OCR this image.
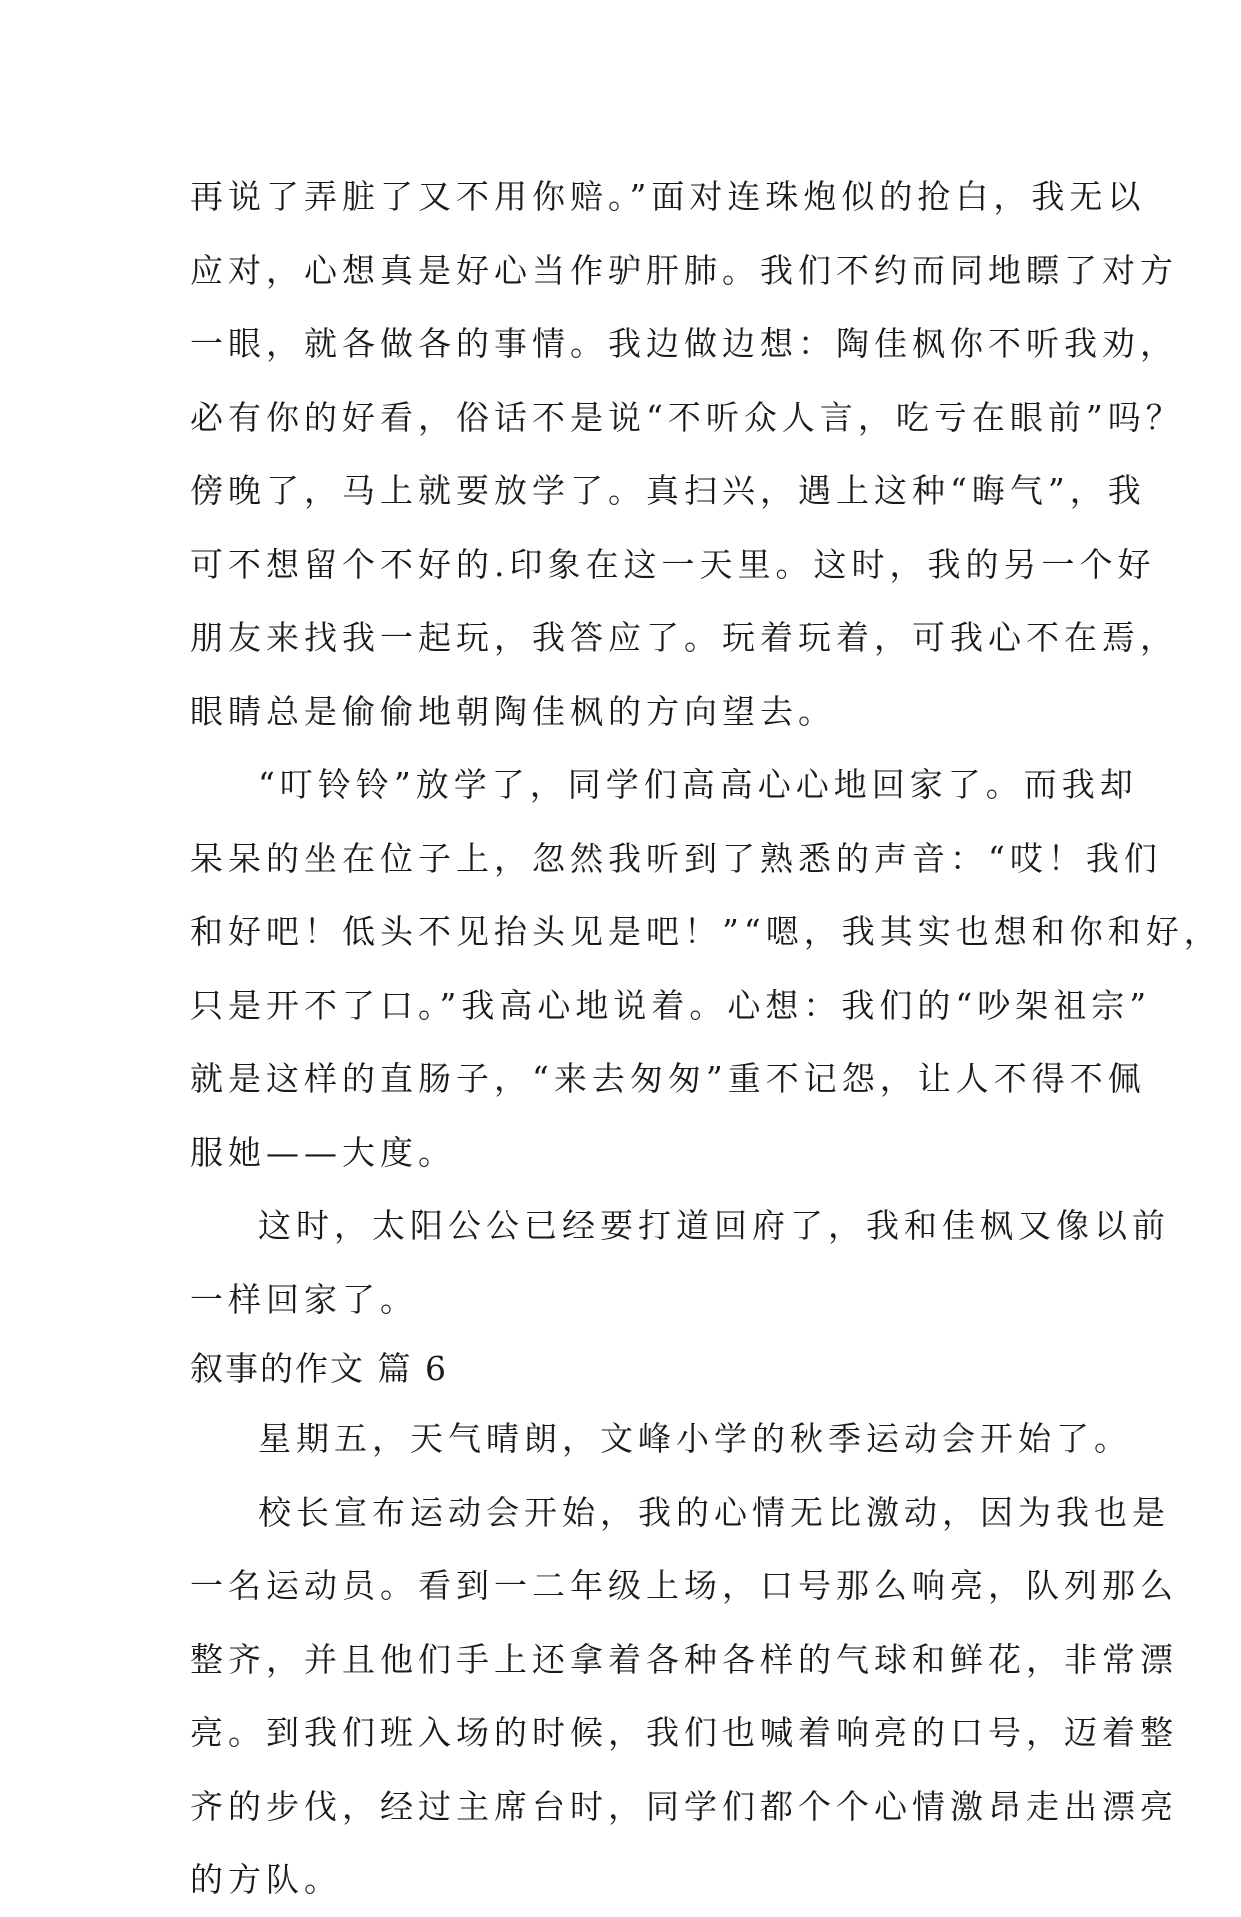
再说了弄脏了又不用你赔。”面对连珠炮似的抢白，我无以
应对，心想真是好心当作驴肝肺。我们不约而同地瞟了对方
一眼，就各做各的事情。我边做边想：陶佳枫你不听我劝，
必有你的好看，俗话不是说“不听众人言，吃亏在眼前”吗？
傍晚了，马上就要放学了。真扫兴，遇上这种“晦气”，我
可不想留个不好的.印象在这一天里。这时，我的另一个好
朋友来找我一起玩，我答应了。玩着玩着，可我心不在焉，
眼睛总是偷偷地朝陶佳枫的方向望去。
“叮铃铃”放学了，同学们高高心心地回家了。而我却
呆呆的坐在位子上，忽然我听到了熟悉的声音：“哎！我们
和好吧！低头不见抬头见是吧！”“嗯，我其实也想和你和好，
只是开不了口。”我高心地说着。心想：我们的“吵架祖宗”
就是这样的直肠子，“来去匆匆”重不记怨，让人不得不佩
服她——大度。
这时，太阳公公已经要打道回府了，我和佳枫又像以前
一样回家了。
叙事的作文 篇 6
星期五，天气晴朗，文峰小学的秋季运动会开始了。
校长宣布运动会开始，我的心情无比激动，因为我也是
一名运动员。看到一二年级上场，口号那么响亮，队列那么
整齐，并且他们手上还拿着各种各样的气球和鲜花，非常漂
亮。到我们班入场的时候，我们也喊着响亮的口号，迈着整
齐的步伐，经过主席台时，同学们都个个心情激昂走出漂亮
的方队。
